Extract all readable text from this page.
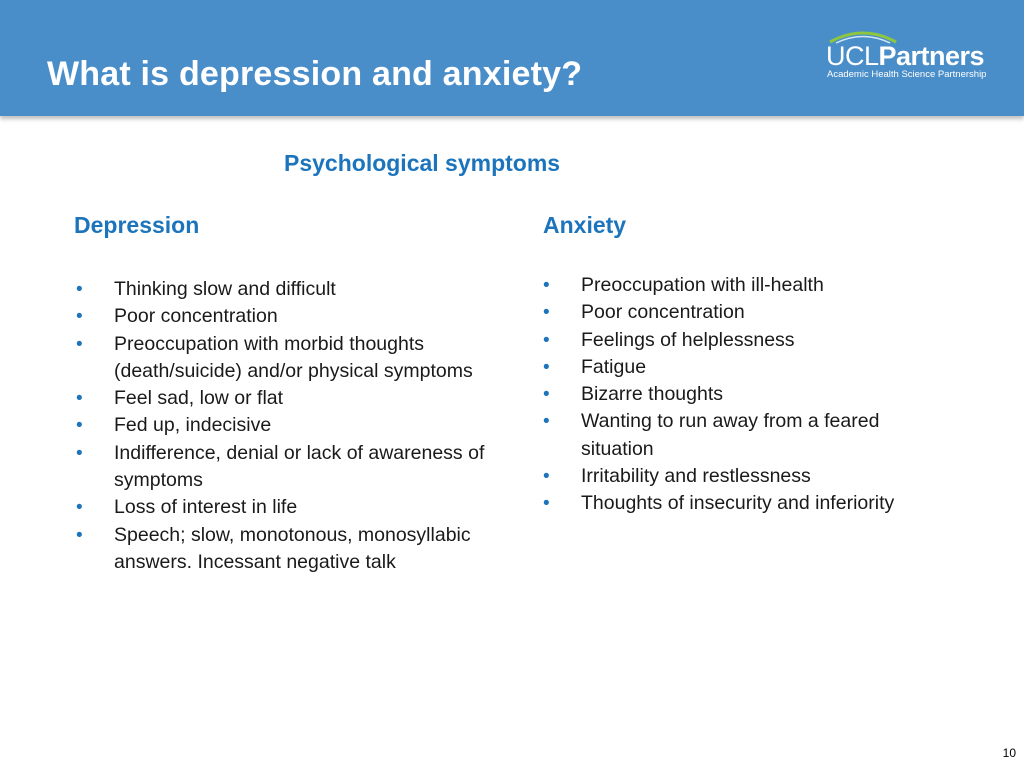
What is depression and anxiety?	UCLPartners
Academic Health Science Partnership
Psychological symptoms
Depression	Anxiety
• Thinking slow and difficult
• Poor concentration
• Preoccupation with morbid thoughts (death/suicide) and/or physical symptoms
• Feel sad, low or flat
• Fed up, indecisive
• Indifference, denial or lack of awareness of symptoms
• Loss of interest in life
• Speech; slow, monotonous, monosyllabic answers. Incessant negative talk
• Preoccupation with ill-health
• Poor concentration
• Feelings of helplessness
• Fatigue
• Bizarre thoughts
• Wanting to run away from a feared situation
• Irritability and restlessness
• Thoughts of insecurity and inferiority
10
